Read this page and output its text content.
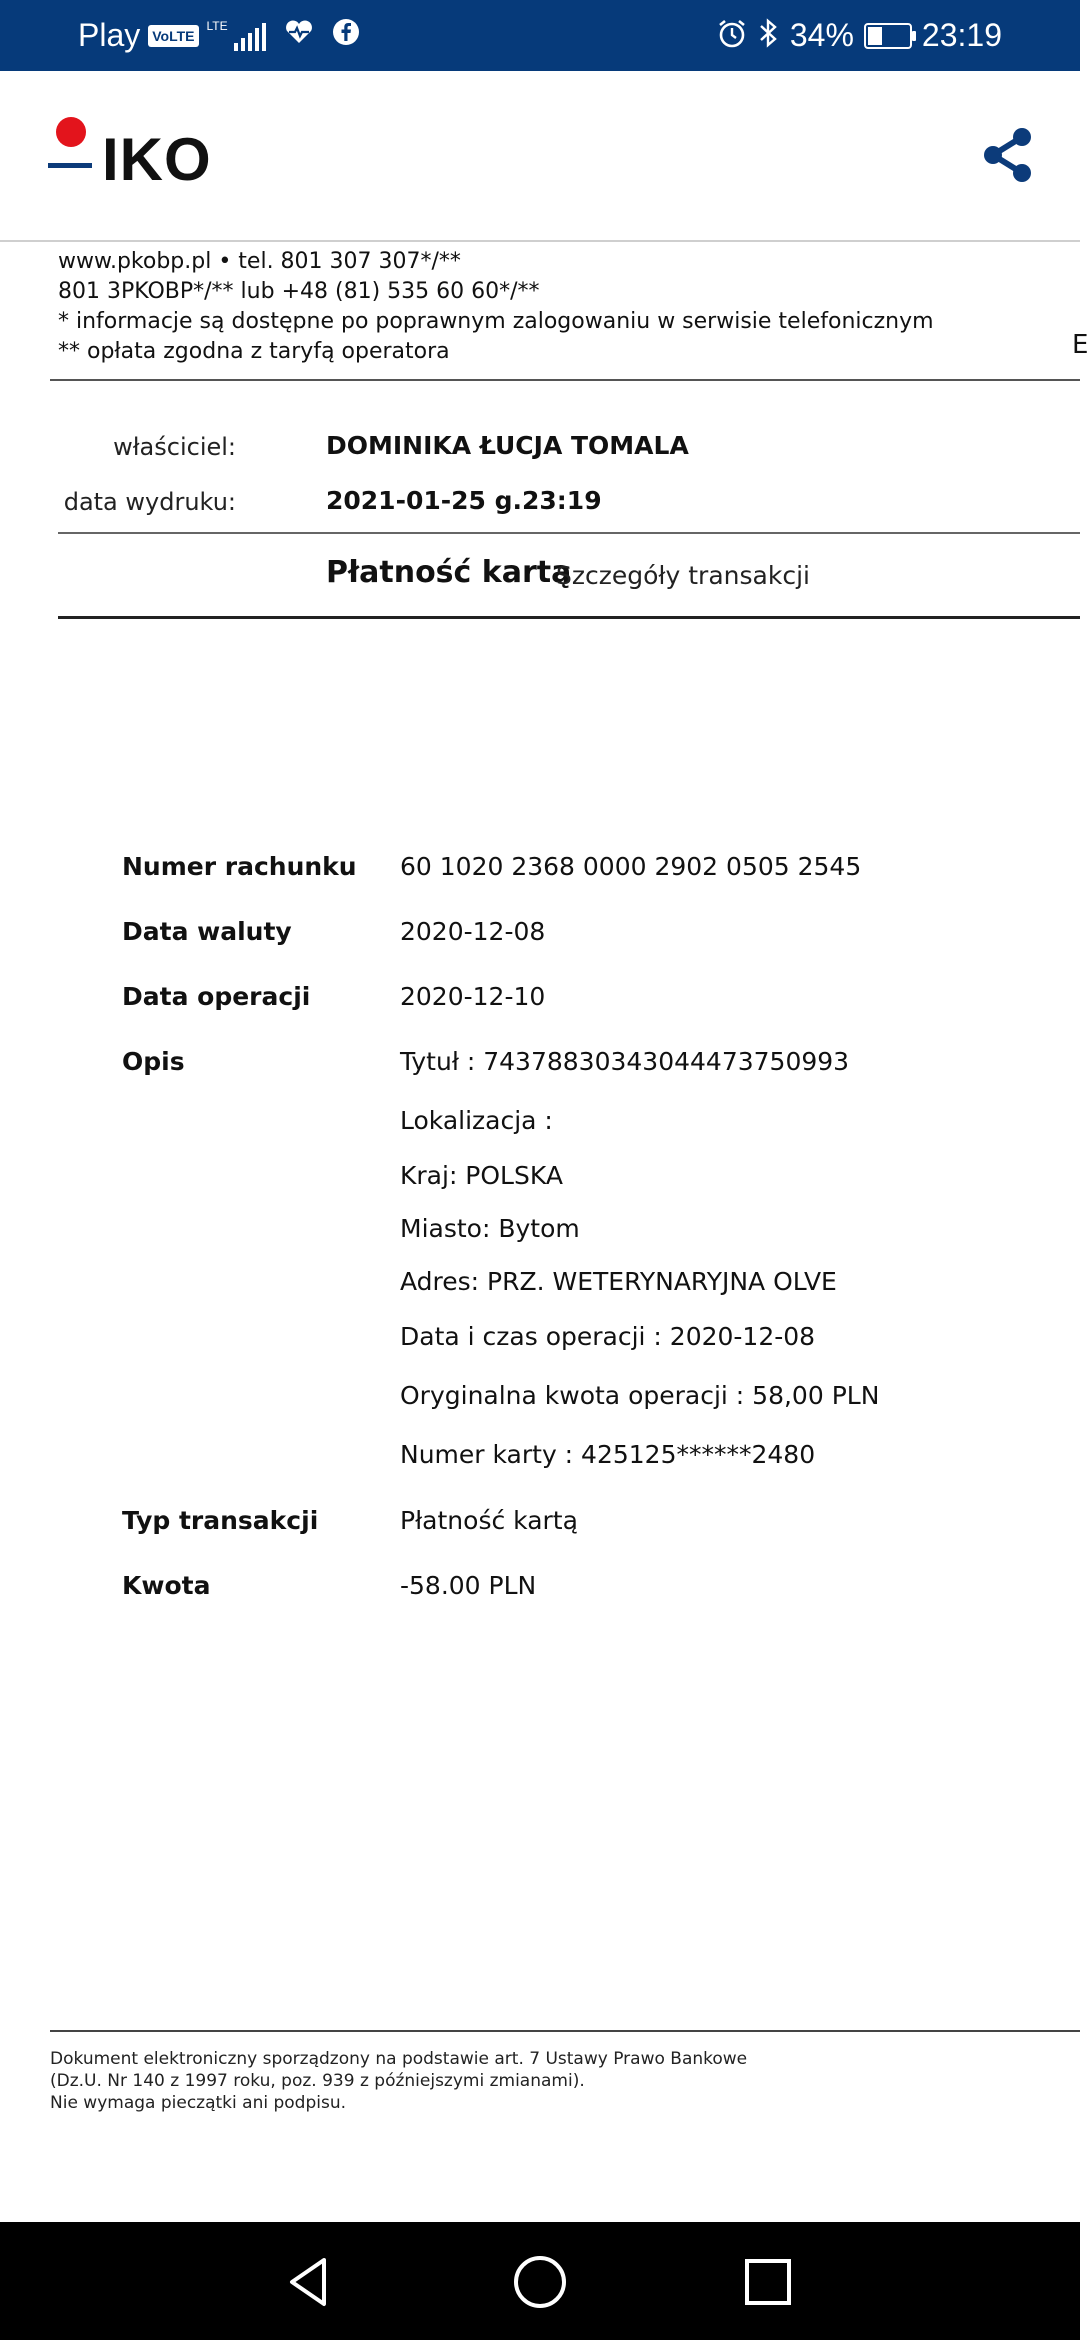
Play VoLTE
LTE	34% 23:19
IKO
www.pkobp.pl • tel. 801 307 307*/**
801 3PKOBP*/** lub +48 (81) 535 60 60*/**
* informacje są dostępne po poprawnym zalogowaniu w serwisie telefonicznym
** opłata zgodna z taryfą operatora	E
właściciel:	DOMINIKA ŁUCJA TOMALA
data wydruku:	2021-01-25 g.23:19
Płatność kartą
Szczegóły transakcji
Numer rachunku 60 1020 2368 0000 2902 0505 2545
Data waluty	2020-12-08
Data operacji	2020-12-10
Opis	Tytuł : 74378830343044473750993
Lokalizacja :
Kraj: POLSKA
Miasto: Bytom
Adres: PRZ. WETERYNARYJNA OLVE
Data i czas operacji : 2020-12-08
Oryginalna kwota operacji : 58,00 PLN
Numer karty : 425125******2480
Typ transakcji	Płatność kartą
Kwota	-58.00 PLN
Dokument elektroniczny sporządzony na podstawie art. 7 Ustawy Prawo Bankowe
(Dz.U. Nr 140 z 1997 roku, poz. 939 z późniejszymi zmianami).
Nie wymaga pieczątki ani podpisu.
